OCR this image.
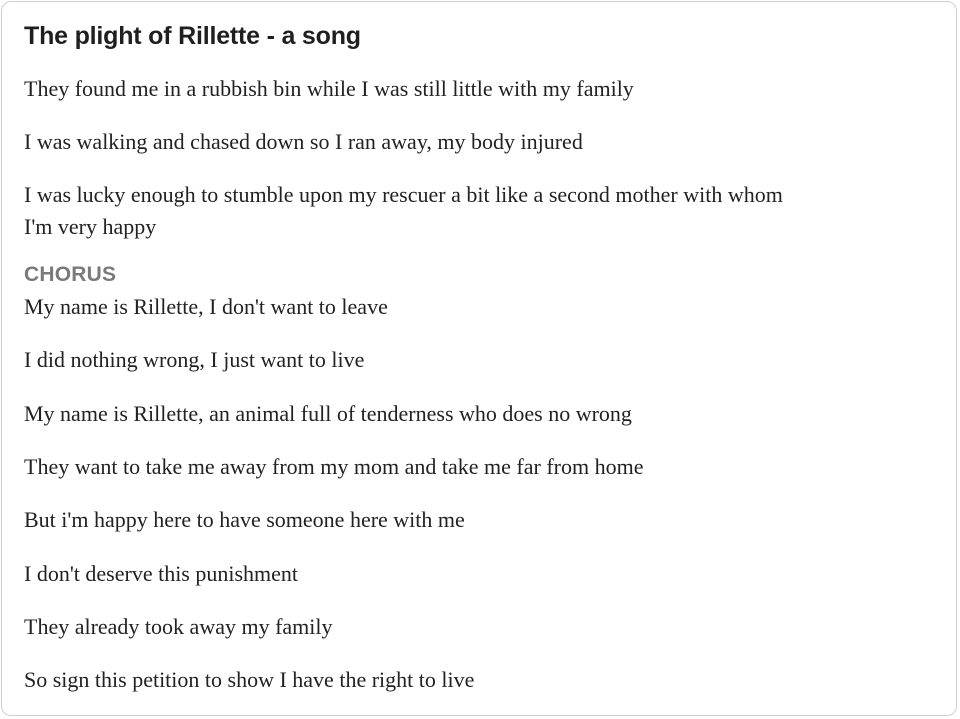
The plight of Rillette - a song
They found me in a rubbish bin while I was still little with my family
I was walking and chased down so I ran away, my body injured
I was lucky enough to stumble upon my rescuer a bit like a second mother with whom
I'm very happy
CHORUS
My name is Rillette, I don't want to leave
I did nothing wrong, I just want to live
My name is Rillette, an animal full of tenderness who does no wrong
They want to take me away from my mom and take me far from home
But i'm happy here to have someone here with me
I don't deserve this punishment
They already took away my family
So sign this petition to show I have the right to live
